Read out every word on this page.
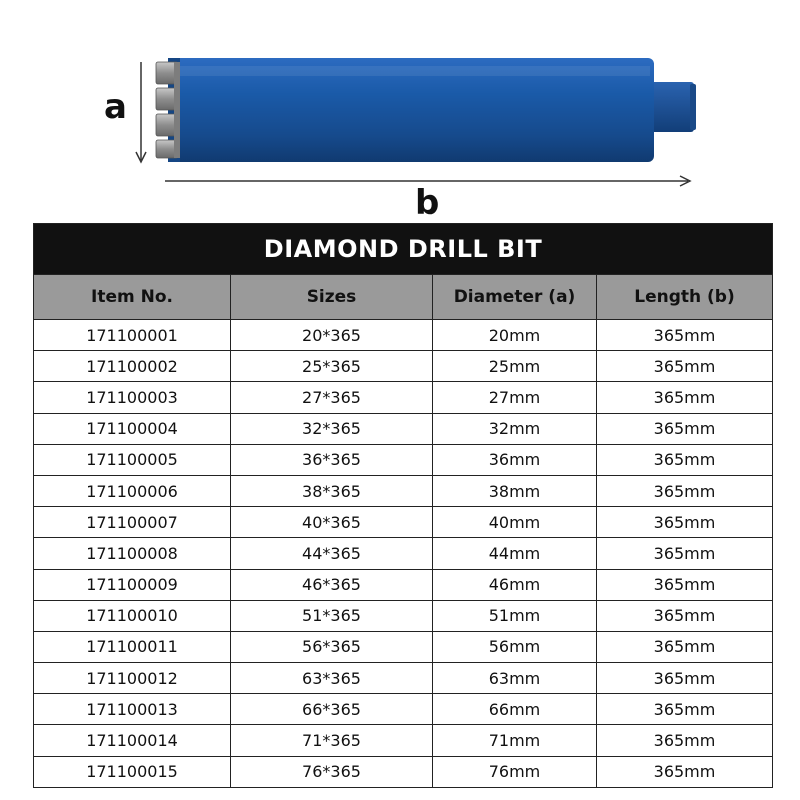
a
b
DIAMOND DRILL BIT			
Item No.	Sizes	Diameter (a)	Length (b)
171100001	20*365	20mm	365mm
171100002	25*365	25mm	365mm
171100003	27*365	27mm	365mm
171100004	32*365	32mm	365mm
171100005	36*365	36mm	365mm
171100006	38*365	38mm	365mm
171100007	40*365	40mm	365mm
171100008	44*365	44mm	365mm
171100009	46*365	46mm	365mm
171100010	51*365	51mm	365mm
171100011	56*365	56mm	365mm
171100012	63*365	63mm	365mm
171100013	66*365	66mm	365mm
171100014	71*365	71mm	365mm
171100015	76*365	76mm	365mm
